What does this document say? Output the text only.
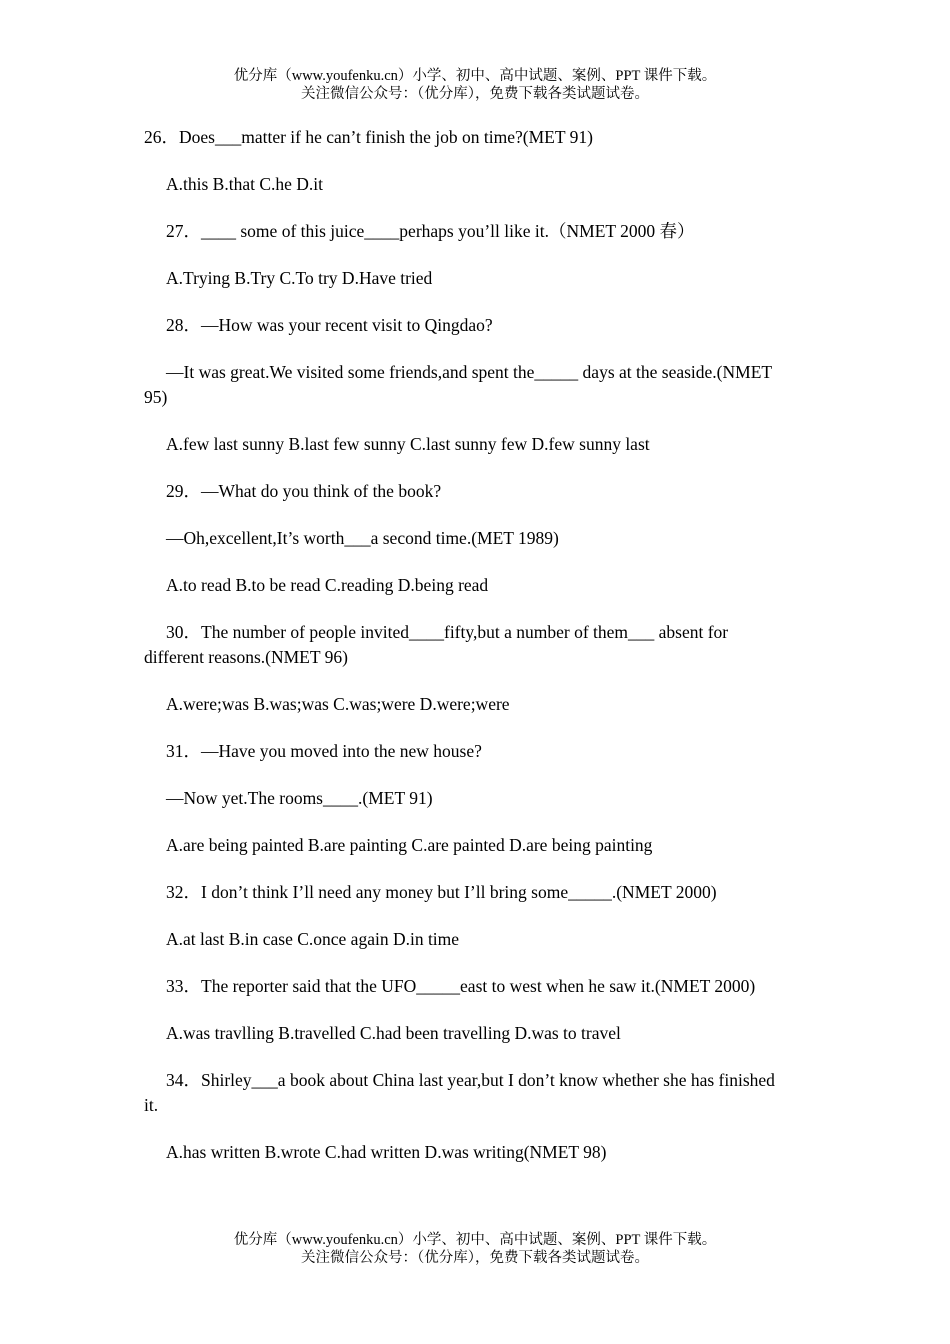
优分库（www.youfenku.cn）小学、初中、高中试题、案例、PPT 课件下载。
关注微信公众号：（优分库），免费下载各类试题试卷。

26．Does___matter if he can’t finish the job on time?(MET 91)

A.this B.that C.he D.it

27．____ some of this juice____perhaps you’ll like it.（NMET 2000 春）

A.Trying B.Try C.To try D.Have tried

28．—How was your recent visit to Qingdao?

—It was great.We visited some friends,and spent the_____ days at the seaside.(NMET 95)

A.few last sunny B.last few sunny C.last sunny few D.few sunny last

29．—What do you think of the book?

—Oh,excellent,It’s worth___a second time.(MET 1989)

A.to read B.to be read C.reading D.being read

30．The number of people invited____fifty,but a number of them___ absent for different reasons.(NMET 96)

A.were;was B.was;was C.was;were D.were;were

31．—Have you moved into the new house?

—Now yet.The rooms____.(MET 91)

A.are being painted B.are painting C.are painted D.are being painting

32．I don’t think I’ll need any money but I’ll bring some_____.(NMET 2000)

A.at last B.in case C.once again D.in time

33．The reporter said that the UFO_____east to west when he saw it.(NMET 2000)

A.was travlling B.travelled C.had been travelling D.was to travel

34．Shirley___a book about China last year,but I don’t know whether she has finished it.

A.has written B.wrote C.had written D.was writing(NMET 98)

优分库（www.youfenku.cn）小学、初中、高中试题、案例、PPT 课件下载。
关注微信公众号：（优分库），免费下载各类试题试卷。
